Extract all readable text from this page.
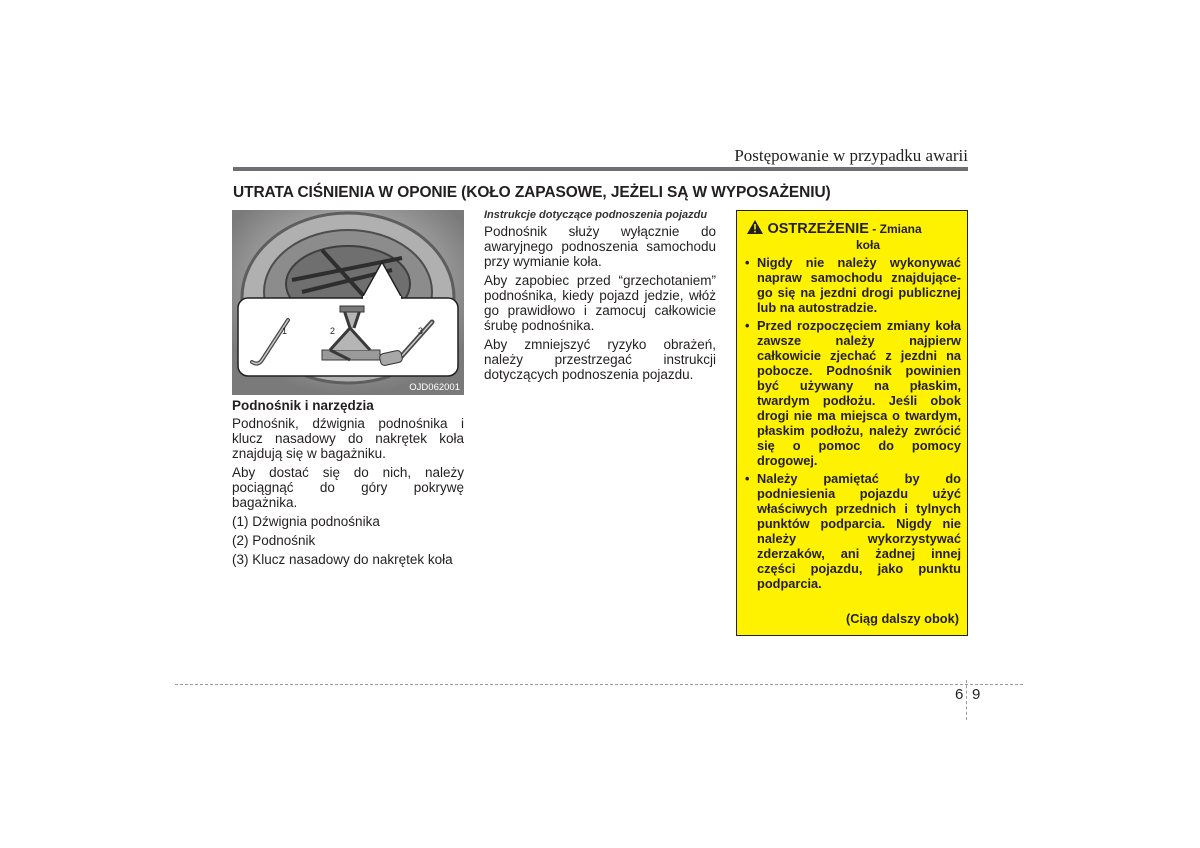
Postępowanie w przypadku awarii
UTRATA CIŚNIENIA W OPONIE (KOŁO ZAPASOWE, JEŻELI SĄ W WYPOSAŻENIU)
1	2	3
OJD062001
Podnośnik i narzędzia

Podnośnik, dźwignia podnośnika i klucz nasadowy do nakrętek koła znajdują się w bagażniku.

Aby dostać się do nich, należy pociągnąć do góry pokrywę bagażnika.

(1) Dźwignia podnośnika

(2) Podnośnik

(3) Klucz nasadowy do nakrętek koła

Instrukcje dotyczące podnoszenia pojazdu

Podnośnik służy wyłącznie do awaryjnego podnoszenia samochodu przy wymianie koła.

Aby zapobiec przed “grzechotaniem” podnośnika, kiedy pojazd jedzie, włóż go prawidłowo i zamocuj całkowicie śrubę podnośnika.

Aby zmniejszyć ryzyko obrażeń, należy przestrzegać instrukcji dotyczących podnoszenia pojazdu.

OSTRZEŻENIE - Zmiana
koła
• Nigdy nie należy wykonywać napraw samochodu znajdujące- go się na jezdni drogi publicznej lub na autostradzie.
• Przed rozpoczęciem zmiany koła zawsze należy najpierw całkowicie zjechać z jezdni na pobocze. Podnośnik powinien być używany na płaskim, twardym podłożu. Jeśli obok drogi nie ma miejsca o twardym, płaskim podłożu, należy zwrócić się o pomoc do pomocy drogowej.
• Należy pamiętać by do podniesienia pojazdu użyć właściwych przednich i tylnych punktów podparcia. Nigdy nie należy wykorzystywać zderzaków, ani żadnej innej części pojazdu, jako punktu podparcia.
(Ciąg dalszy obok)
6 9
